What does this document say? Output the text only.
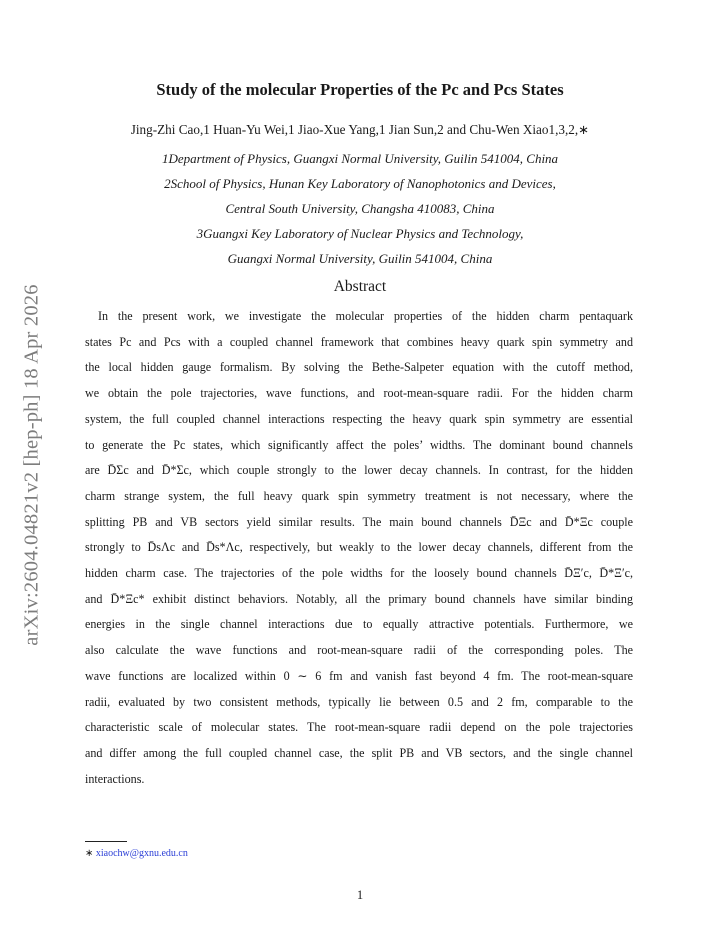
arXiv:2604.04821v2 [hep-ph] 18 Apr 2026
Study of the molecular Properties of the Pc and Pcs States
Jing-Zhi Cao,1 Huan-Yu Wei,1 Jiao-Xue Yang,1 Jian Sun,2 and Chu-Wen Xiao1,3,2,∗
1Department of Physics, Guangxi Normal University, Guilin 541004, China
2School of Physics, Hunan Key Laboratory of Nanophotonics and Devices,
Central South University, Changsha 410083, China
3Guangxi Key Laboratory of Nuclear Physics and Technology,
Guangxi Normal University, Guilin 541004, China
Abstract
In the present work, we investigate the molecular properties of the hidden charm pentaquark
states Pc and Pcs with a coupled channel framework that combines heavy quark spin symmetry and
the local hidden gauge formalism. By solving the Bethe-Salpeter equation with the cutoff method,
we obtain the pole trajectories, wave functions, and root-mean-square radii. For the hidden charm
system, the full coupled channel interactions respecting the heavy quark spin symmetry are essential
to generate the Pc states, which significantly affect the poles’ widths. The dominant bound channels
are D̄Σc and D̄*Σc, which couple strongly to the lower decay channels. In contrast, for the hidden
charm strange system, the full heavy quark spin symmetry treatment is not necessary, where the
splitting PB and VB sectors yield similar results. The main bound channels D̄Ξc and D̄*Ξc couple
strongly to D̄sΛc and D̄s*Λc, respectively, but weakly to the lower decay channels, different from the
hidden charm case. The trajectories of the pole widths for the loosely bound channels D̄Ξ′c, D̄*Ξ′c,
and D̄*Ξc* exhibit distinct behaviors. Notably, all the primary bound channels have similar binding
energies in the single channel interactions due to equally attractive potentials. Furthermore, we
also calculate the wave functions and root-mean-square radii of the corresponding poles. The
wave functions are localized within 0 ∼ 6 fm and vanish fast beyond 4 fm. The root-mean-square
radii, evaluated by two consistent methods, typically lie between 0.5 and 2 fm, comparable to the
characteristic scale of molecular states. The root-mean-square radii depend on the pole trajectories
and differ among the full coupled channel case, the split PB and VB sectors, and the single channel
interactions.
∗ xiaochw@gxnu.edu.cn
1
